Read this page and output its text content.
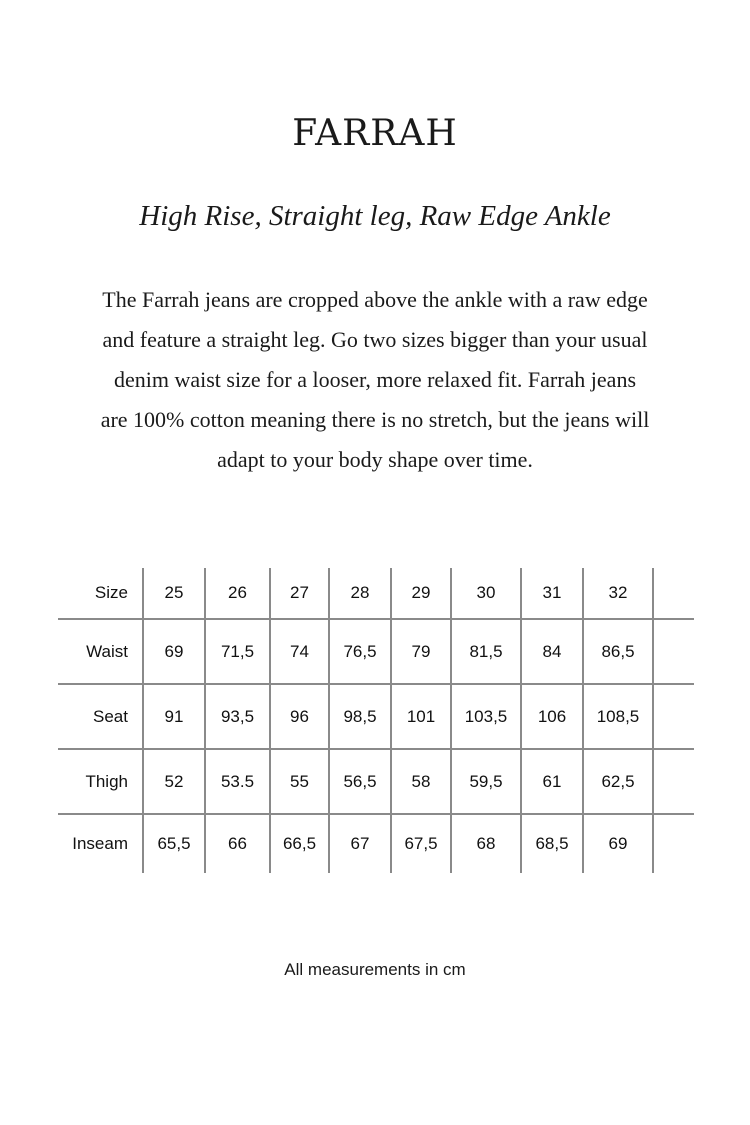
FARRAH
High Rise, Straight leg, Raw Edge Ankle

The Farrah jeans are cropped above the ankle with a raw edge and feature a straight leg. Go two sizes bigger than your usual denim waist size for a looser, more relaxed fit. Farrah jeans are 100% cotton meaning there is no stretch, but the jeans will adapt to your body shape over time.

Size	25	26	27	28	29	30	31	32	
Waist	69	71,5	74	76,5	79	81,5	84	86,5	
Seat	91	93,5	96	98,5	101	103,5	106	108,5	
Thigh	52	53.5	55	56,5	58	59,5	61	62,5	
Inseam	65,5	66	66,5	67	67,5	68	68,5	69	

All measurements in cm
